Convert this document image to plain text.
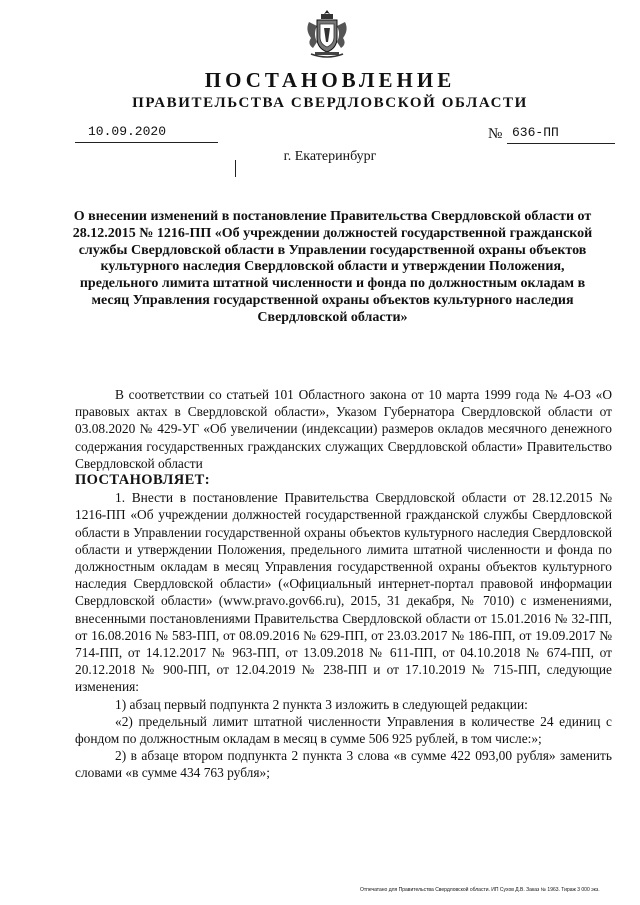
ПОСТАНОВЛЕНИЕ
ПРАВИТЕЛЬСТВА СВЕРДЛОВСКОЙ ОБЛАСТИ
10.09.2020	№ 636-ПП
г. Екатеринбург
О внесении изменений в постановление Правительства Свердловской области от 28.12.2015 № 1216-ПП «Об учреждении должностей государственной гражданской службы Свердловской области в Управлении государственной охраны объектов культурного наследия Свердловской области и утверждении Положения, предельного лимита штатной численности и фонда по должностным окладам в месяц Управления государственной охраны объектов культурного наследия Свердловской области»

В соответствии со статьей 101 Областного закона от 10 марта 1999 года № 4-ОЗ «О правовых актах в Свердловской области», Указом Губернатора Свердловской области от 03.08.2020 № 429-УГ «Об увеличении (индексации) размеров окладов месячного денежного содержания государственных гражданских служащих Свердловской области» Правительство Свердловской области

ПОСТАНОВЛЯЕТ:

1. Внести в постановление Правительства Свердловской области от 28.12.2015 № 1216-ПП «Об учреждении должностей государственной гражданской службы Свердловской области в Управлении государственной охраны объектов культурного наследия Свердловской области и утверждении Положения, предельного лимита штатной численности и фонда по должностным окладам в месяц Управления государственной охраны объектов культурного наследия Свердловской области» («Официальный интернет-портал правовой информации Свердловской области» (www.pravo.gov66.ru), 2015, 31 декабря, № 7010) с изменениями, внесенными постановлениями Правительства Свердловской области от 15.01.2016 № 32-ПП, от 16.08.2016 № 583-ПП, от 08.09.2016 № 629-ПП, от 23.03.2017 № 186-ПП, от 19.09.2017 № 714-ПП, от 14.12.2017 № 963-ПП, от 13.09.2018 № 611-ПП, от 04.10.2018 № 674-ПП, от 20.12.2018 № 900-ПП, от 12.04.2019 № 238-ПП и от 17.10.2019 № 715-ПП, следующие изменения:

1) абзац первый подпункта 2 пункта 3 изложить в следующей редакции:

«2) предельный лимит штатной численности Управления в количестве 24 единиц с фондом по должностным окладам в месяц в сумме 506 925 рублей, в том числе:»;

2) в абзаце втором подпункта 2 пункта 3 слова «в сумме 422 093,00 рубля» заменить словами «в сумме 434 763 рубля»;

Отпечатано для Правительства Свердловской области. ИП Сухов Д.В. Заказ № 1963. Тираж 3 000 экз.
